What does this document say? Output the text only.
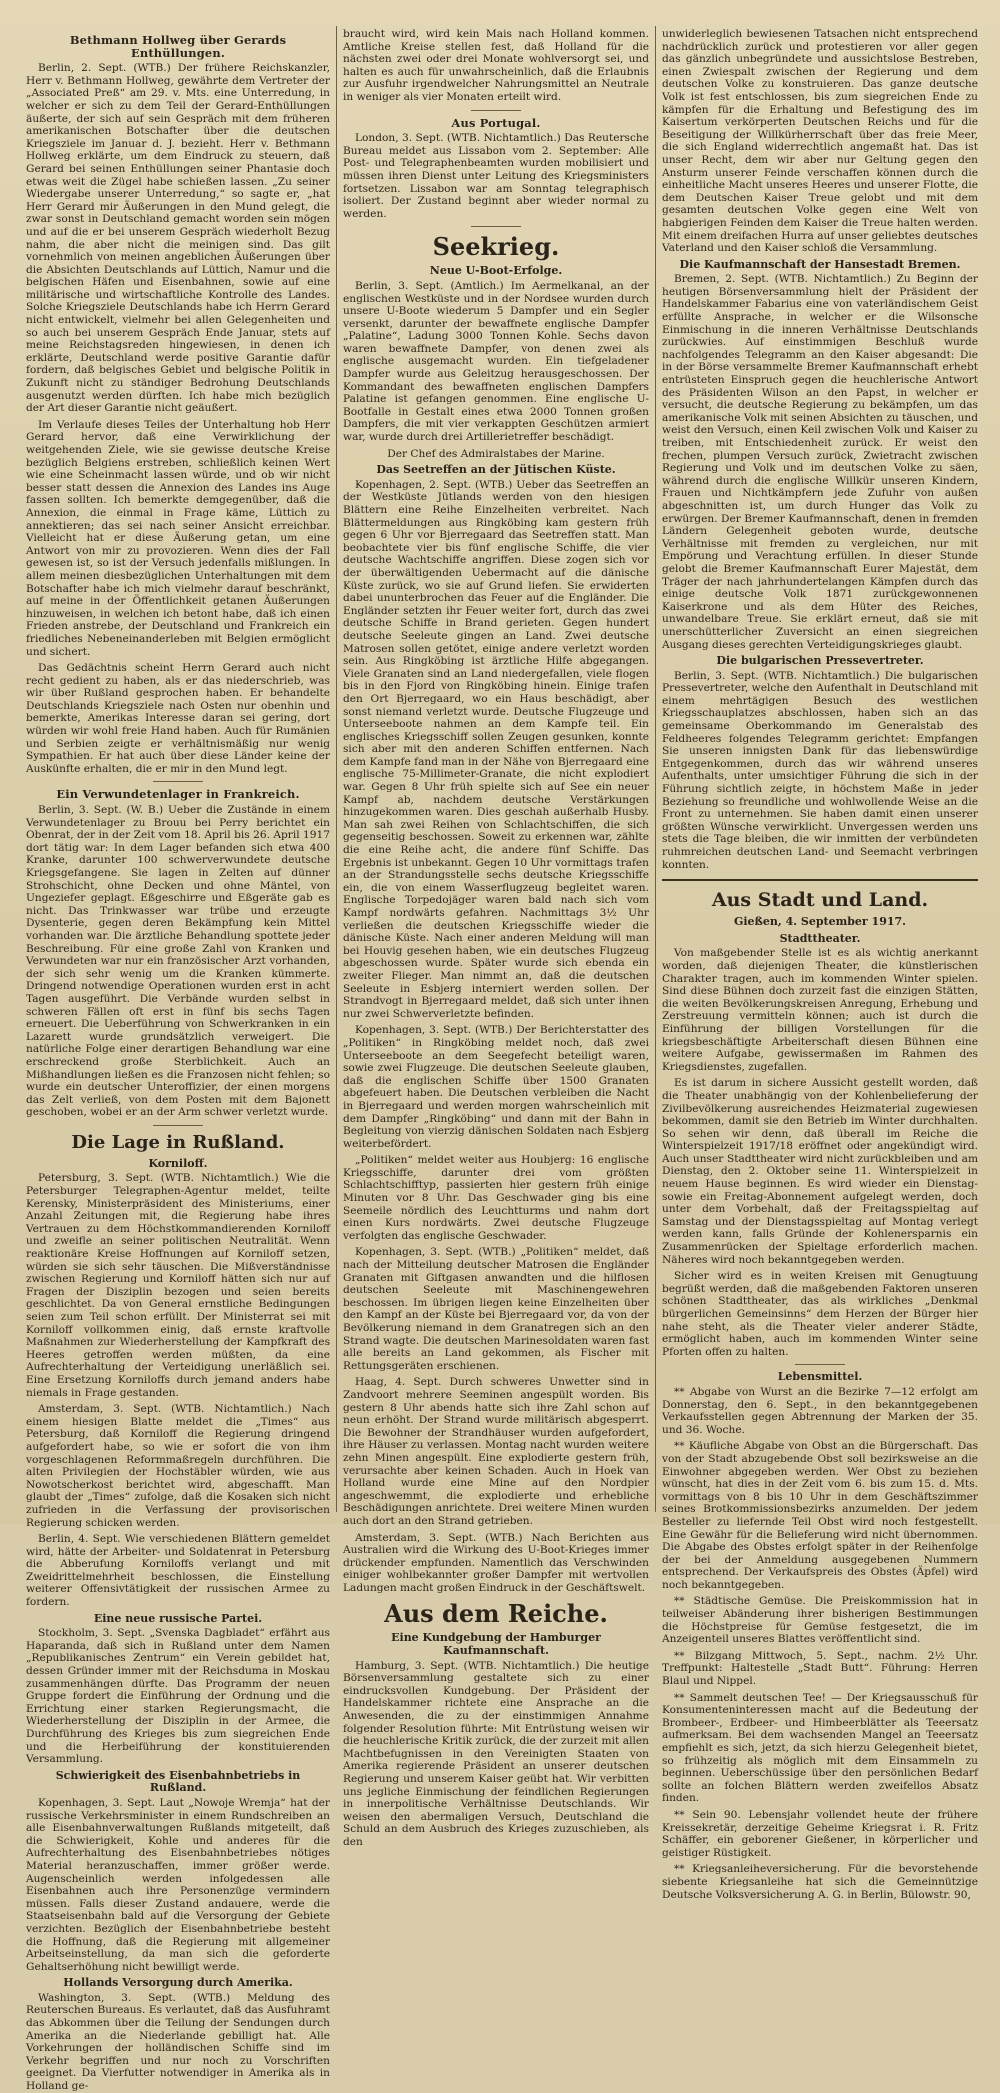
Bethmann Hollweg über Gerards Enthüllungen.

Berlin, 2. Sept. (WTB.) Der frühere Reichskanzler, Herr v. Bethmann Hollweg, gewährte dem Vertreter der „Associated Preß“ am 29. v. Mts. eine Unterredung, in welcher er sich zu dem Teil der Gerard-Enthüllungen äußerte, der sich auf sein Gespräch mit dem früheren amerikanischen Botschafter über die deutschen Kriegsziele im Januar d. J. bezieht. Herr v. Bethmann Hollweg erklärte, um dem Eindruck zu steuern, daß Gerard bei seinen Enthüllungen seiner Phantasie doch etwas weit die Zügel habe schießen lassen. „Zu seiner Wiedergabe unserer Unterredung,“ so sagte er, „hat Herr Gerard mir Äußerungen in den Mund gelegt, die zwar sonst in Deutschland gemacht worden sein mögen und auf die er bei unserem Gespräch wiederholt Bezug nahm, die aber nicht die meinigen sind. Das gilt vornehmlich von meinen angeblichen Äußerungen über die Absichten Deutschlands auf Lüttich, Namur und die belgischen Häfen und Eisenbahnen, sowie auf eine militärische und wirtschaftliche Kontrolle des Landes. Solche Kriegsziele Deutschlands habe ich Herrn Gerard nicht entwickelt, vielmehr bei allen Gelegenheiten und so auch bei unserem Gespräch Ende Januar, stets auf meine Reichstagsreden hingewiesen, in denen ich erklärte, Deutschland werde positive Garantie dafür fordern, daß belgisches Gebiet und belgische Politik in Zukunft nicht zu ständiger Bedrohung Deutschlands ausgenutzt werden dürften. Ich habe mich bezüglich der Art dieser Garantie nicht geäußert.

Im Verlaufe dieses Teiles der Unterhaltung hob Herr Gerard hervor, daß eine Verwirklichung der weitgehenden Ziele, wie sie gewisse deutsche Kreise bezüglich Belgiens erstreben, schließlich keinen Wert wie eine Scheinmacht lassen würde, und ob wir nicht besser statt dessen die Annexion des Landes ins Auge fassen sollten. Ich bemerkte demgegenüber, daß die Annexion, die einmal in Frage käme, Lüttich zu annektieren; das sei nach seiner Ansicht erreichbar. Vielleicht hat er diese Äußerung getan, um eine Antwort von mir zu provozieren. Wenn dies der Fall gewesen ist, so ist der Versuch jedenfalls mißlungen. In allem meinen diesbezüglichen Unterhaltungen mit dem Botschafter habe ich mich vielmehr darauf beschränkt, auf meine in der Öffentlichkeit getanen Äußerungen hinzuweisen, in welchen ich betont habe, daß ich einen Frieden anstrebe, der Deutschland und Frankreich ein friedliches Nebeneinanderleben mit Belgien ermöglicht und sichert.

Das Gedächtnis scheint Herrn Gerard auch nicht recht gedient zu haben, als er das niederschrieb, was wir über Rußland gesprochen haben. Er behandelte Deutschlands Kriegsziele nach Osten nur obenhin und bemerkte, Amerikas Interesse daran sei gering, dort würden wir wohl freie Hand haben. Auch für Rumänien und Serbien zeigte er verhältnismäßig nur wenig Sympathien. Er hat auch über diese Länder keine der Auskünfte erhalten, die er mir in den Mund legt.

Ein Verwundetenlager in Frankreich.

Berlin, 3. Sept. (W. B.) Ueber die Zustände in einem Verwundetenlager zu Brouu bei Perry berichtet ein Obenrat, der in der Zeit vom 18. April bis 26. April 1917 dort tätig war: In dem Lager befanden sich etwa 400 Kranke, darunter 100 schwerverwundete deutsche Kriegsgefangene. Sie lagen in Zelten auf dünner Strohschicht, ohne Decken und ohne Mäntel, von Ungeziefer geplagt. Eßgeschirre und Eßgeräte gab es nicht. Das Trinkwasser war trübe und erzeugte Dysenterie, gegen deren Bekämpfung kein Mittel vorhanden war. Die ärztliche Behandlung spottete jeder Beschreibung. Für eine große Zahl von Kranken und Verwundeten war nur ein französischer Arzt vorhanden, der sich sehr wenig um die Kranken kümmerte. Dringend notwendige Operationen wurden erst in acht Tagen ausgeführt. Die Verbände wurden selbst in schweren Fällen oft erst in fünf bis sechs Tagen erneuert. Die Ueberführung von Schwerkranken in ein Lazarett wurde grundsätzlich verweigert. Die natürliche Folge einer derartigen Behandlung war eine erschreckend große Sterblichkeit. Auch an Mißhandlungen ließen es die Franzosen nicht fehlen; so wurde ein deutscher Unteroffizier, der einen morgens das Zelt verließ, von dem Posten mit dem Bajonett geschoben, wobei er an der Arm schwer verletzt wurde.

Die Lage in Rußland.
Korniloff.

Petersburg, 3. Sept. (WTB. Nichtamtlich.) Wie die Petersburger Telegraphen-Agentur meldet, teilte Kerensky, Ministerpräsident des Ministeriums, einer Anzahl Zeitungen mit, die Regierung habe ihres Vertrauen zu dem Höchstkommandierenden Korniloff und zweifle an seiner politischen Neutralität. Wenn reaktionäre Kreise Hoffnungen auf Korniloff setzen, würden sie sich sehr täuschen. Die Mißverständnisse zwischen Regierung und Korniloff hätten sich nur auf Fragen der Disziplin bezogen und seien bereits geschlichtet. Da von General ernstliche Bedingungen seien zum Teil schon erfüllt. Der Ministerrat sei mit Korniloff vollkommen einig, daß ernste kraftvolle Maßnahmen zur Wiederherstellung der Kampfkraft des Heeres getroffen werden müßten, da eine Aufrechterhaltung der Verteidigung unerläßlich sei. Eine Ersetzung Korniloffs durch jemand anders habe niemals in Frage gestanden.

Amsterdam, 3. Sept. (WTB. Nichtamtlich.) Nach einem hiesigen Blatte meldet die „Times“ aus Petersburg, daß Korniloff die Regierung dringend aufgefordert habe, so wie er sofort die von ihm vorgeschlagenen Reformmaßregeln durchführen. Die alten Privilegien der Hochstäbler würden, wie aus Nowotscherkost berichtet wird, abgeschafft. Man glaubt der „Times“ zufolge, daß die Kosaken sich nicht zufrieden in die Verfassung der provisorischen Regierung schicken werden.

Berlin, 4. Sept. Wie verschiedenen Blättern gemeldet wird, hätte der Arbeiter- und Soldatenrat in Petersburg die Abberufung Korniloffs verlangt und mit Zweidrittelmehrheit beschlossen, die Einstellung weiterer Offensivtätigkeit der russischen Armee zu fordern.

Eine neue russische Partei.

Stockholm, 3. Sept. „Svenska Dagbladet“ erfährt aus Haparanda, daß sich in Rußland unter dem Namen „Republikanisches Zentrum“ ein Verein gebildet hat, dessen Gründer immer mit der Reichsduma in Moskau zusammenhängen dürfte. Das Programm der neuen Gruppe fordert die Einführung der Ordnung und die Errichtung einer starken Regierungsmacht, die Wiederherstellung der Disziplin in der Armee, die Durchführung des Krieges bis zum siegreichen Ende und die Herbeiführung der konstituierenden Versammlung.

Schwierigkeit des Eisenbahnbetriebs in Rußland.

Kopenhagen, 3. Sept. Laut „Nowoje Wremja“ hat der russische Verkehrsminister in einem Rundschreiben an alle Eisenbahnverwaltungen Rußlands mitgeteilt, daß die Schwierigkeit, Kohle und anderes für die Aufrechterhaltung des Eisenbahnbetriebes nötiges Material heranzuschaffen, immer größer werde. Augenscheinlich werden infolgedessen alle Eisenbahnen auch ihre Personenzüge vermindern müssen. Falls dieser Zustand andauere, werde die Staatseisenbahn bald auf die Versorgung der Gebiete verzichten. Bezüglich der Eisenbahnbetriebe besteht die Hoffnung, daß die Regierung mit allgemeiner Arbeitseinstellung, da man sich die geforderte Gehaltserhöhung nicht bewilligt werde.

Hollands Versorgung durch Amerika.

Washington, 3. Sept. (WTB.) Meldung des Reuterschen Bureaus. Es verlautet, daß das Ausfuhramt das Abkommen über die Teilung der Sendungen durch Amerika an die Niederlande gebilligt hat. Alle Vorkehrungen der holländischen Schiffe sind im Verkehr begriffen und nur noch zu Vorschriften geeignet. Da Vierfutter notwendiger in Amerika als in Holland ge-

braucht wird, wird kein Mais nach Holland kommen. Amtliche Kreise stellen fest, daß Holland für die nächsten zwei oder drei Monate wohlversorgt sei, und halten es auch für unwahrscheinlich, daß die Erlaubnis zur Ausfuhr irgendwelcher Nahrungsmittel an Neutrale in weniger als vier Monaten erteilt wird.

Aus Portugal.

London, 3. Sept. (WTB. Nichtamtlich.) Das Reutersche Bureau meldet aus Lissabon vom 2. September: Alle Post- und Telegraphenbeamten wurden mobilisiert und müssen ihren Dienst unter Leitung des Kriegsministers fortsetzen. Lissabon war am Sonntag telegraphisch isoliert. Der Zustand beginnt aber wieder normal zu werden.

Seekrieg.
Neue U-Boot-Erfolge.

Berlin, 3. Sept. (Amtlich.) Im Aermelkanal, an der englischen Westküste und in der Nordsee wurden durch unsere U-Boote wiederum 5 Dampfer und ein Segler versenkt, darunter der bewaffnete englische Dampfer „Palatine“, Ladung 3000 Tonnen Kohle. Sechs davon waren bewaffnete Dampfer, von denen zwei als englische ausgemacht wurden. Ein tiefgeladener Dampfer wurde aus Geleitzug herausgeschossen. Der Kommandant des bewaffneten englischen Dampfers Palatine ist gefangen genommen. Eine englische U-Bootfalle in Gestalt eines etwa 2000 Tonnen großen Dampfers, die mit vier verkappten Geschützen armiert war, wurde durch drei Artillerietreffer beschädigt.

Der Chef des Admiralstabes der Marine.

Das Seetreffen an der Jütischen Küste.

Kopenhagen, 2. Sept. (WTB.) Ueber das Seetreffen an der Westküste Jütlands werden von den hiesigen Blättern eine Reihe Einzelheiten verbreitet. Nach Blättermeldungen aus Ringköbing kam gestern früh gegen 6 Uhr vor Bjerregaard das Seetreffen statt. Man beobachtete vier bis fünf englische Schiffe, die vier deutsche Wachtschiffe angriffen. Diese zogen sich vor der überwältigenden Uebermacht auf die dänische Küste zurück, wo sie auf Grund liefen. Sie erwiderten dabei ununterbrochen das Feuer auf die Engländer. Die Engländer setzten ihr Feuer weiter fort, durch das zwei deutsche Schiffe in Brand gerieten. Gegen hundert deutsche Seeleute gingen an Land. Zwei deutsche Matrosen sollen getötet, einige andere verletzt worden sein. Aus Ringköbing ist ärztliche Hilfe abgegangen. Viele Granaten sind an Land niedergefallen, viele flogen bis in den Fjord von Ringköbing hinein. Einige trafen den Ort Bjerregaard, wo ein Haus beschädigt, aber sonst niemand verletzt wurde. Deutsche Flugzeuge und Unterseeboote nahmen an dem Kampfe teil. Ein englisches Kriegsschiff sollen Zeugen gesunken, konnte sich aber mit den anderen Schiffen entfernen. Nach dem Kampfe fand man in der Nähe von Bjerregaard eine englische 75-Millimeter-Granate, die nicht explodiert war. Gegen 8 Uhr früh spielte sich auf See ein neuer Kampf ab, nachdem deutsche Verstärkungen hinzugekommen waren. Dies geschah außerhalb Husby. Man sah zwei Reihen von Schlachtschiffen, die sich gegenseitig beschossen. Soweit zu erkennen war, zählte die eine Reihe acht, die andere fünf Schiffe. Das Ergebnis ist unbekannt. Gegen 10 Uhr vormittags trafen an der Strandungsstelle sechs deutsche Kriegsschiffe ein, die von einem Wasserflugzeug begleitet waren. Englische Torpedojäger waren bald nach sich vom Kampf nordwärts gefahren. Nachmittags 3½ Uhr verließen die deutschen Kriegsschiffe wieder die dänische Küste. Nach einer anderen Meldung will man bei Houvig gesehen haben, wie ein deutsches Flugzeug abgeschossen wurde. Später wurde sich ebenda ein zweiter Flieger. Man nimmt an, daß die deutschen Seeleute in Esbjerg interniert werden sollen. Der Strandvogt in Bjerregaard meldet, daß sich unter ihnen nur zwei Schwerverletzte befinden.

Kopenhagen, 3. Sept. (WTB.) Der Berichterstatter des „Politiken“ in Ringköbing meldet noch, daß zwei Unterseeboote an dem Seegefecht beteiligt waren, sowie zwei Flugzeuge. Die deutschen Seeleute glauben, daß die englischen Schiffe über 1500 Granaten abgefeuert haben. Die Deutschen verbleiben die Nacht in Bjerregaard und werden morgen wahrscheinlich mit dem Dampfer „Ringköbing“ und dann mit der Bahn in Begleitung von vierzig dänischen Soldaten nach Esbjerg weiterbefördert.

„Politiken“ meldet weiter aus Houbjerg: 16 englische Kriegsschiffe, darunter drei vom größten Schlachtschifftyp, passierten hier gestern früh einige Minuten vor 8 Uhr. Das Geschwader ging bis eine Seemeile nördlich des Leuchtturms und nahm dort einen Kurs nordwärts. Zwei deutsche Flugzeuge verfolgten das englische Geschwader.

Kopenhagen, 3. Sept. (WTB.) „Politiken“ meldet, daß nach der Mitteilung deutscher Matrosen die Engländer Granaten mit Giftgasen anwandten und die hilflosen deutschen Seeleute mit Maschinengewehren beschossen. Im übrigen liegen keine Einzelheiten über den Kampf an der Küste bei Bjerregaard vor, da von der Bevölkerung niemand in dem Granatregen sich an den Strand wagte. Die deutschen Marinesoldaten waren fast alle bereits an Land gekommen, als Fischer mit Rettungsgeräten erschienen.

Haag, 4. Sept. Durch schweres Unwetter sind in Zandvoort mehrere Seeminen angespült worden. Bis gestern 8 Uhr abends hatte sich ihre Zahl schon auf neun erhöht. Der Strand wurde militärisch abgesperrt. Die Bewohner der Strandhäuser wurden aufgefordert, ihre Häuser zu verlassen. Montag nacht wurden weitere zehn Minen angespült. Eine explodierte gestern früh, verursachte aber keinen Schaden. Auch in Hoek van Holland wurde eine Mine auf den Nordpier angeschwemmt, die explodierte und erhebliche Beschädigungen anrichtete. Drei weitere Minen wurden auch dort an den Strand getrieben.

Amsterdam, 3. Sept. (WTB.) Nach Berichten aus Australien wird die Wirkung des U-Boot-Krieges immer drückender empfunden. Namentlich das Verschwinden einiger wohlbekannter großer Dampfer mit wertvollen Ladungen macht großen Eindruck in der Geschäftswelt.

Aus dem Reiche.
Eine Kundgebung der Hamburger Kaufmannschaft.

Hamburg, 3. Sept. (WTB. Nichtamtlich.) Die heutige Börsenversammlung gestaltete sich zu einer eindrucksvollen Kundgebung. Der Präsident der Handelskammer richtete eine Ansprache an die Anwesenden, die zu der einstimmigen Annahme folgender Resolution führte: Mit Entrüstung weisen wir die heuchlerische Kritik zurück, die der zurzeit mit allen Machtbefugnissen in den Vereinigten Staaten von Amerika regierende Präsident an unserer deutschen Regierung und unserem Kaiser geübt hat. Wir verbitten uns jegliche Einmischung der feindlichen Regierungen in innerpolitische Verhältnisse Deutschlands. Wir weisen den abermaligen Versuch, Deutschland die Schuld an dem Ausbruch des Krieges zuzuschieben, als den

unwiderleglich bewiesenen Tatsachen nicht entsprechend nachdrücklich zurück und protestieren vor aller gegen das gänzlich unbegründete und aussichtslose Bestreben, einen Zwiespalt zwischen der Regierung und dem deutschen Volke zu konstruieren. Das ganze deutsche Volk ist fest entschlossen, bis zum siegreichen Ende zu kämpfen für die Erhaltung und Befestigung des im Kaisertum verkörperten Deutschen Reichs und für die Beseitigung der Willkürherrschaft über das freie Meer, die sich England widerrechtlich angemaßt hat. Das ist unser Recht, dem wir aber nur Geltung gegen den Ansturm unserer Feinde verschaffen können durch die einheitliche Macht unseres Heeres und unserer Flotte, die dem Deutschen Kaiser Treue gelobt und mit dem gesamten deutschen Volke gegen eine Welt von habgierigen Feinden dem Kaiser die Treue halten werden. Mit einem dreifachen Hurra auf unser geliebtes deutsches Vaterland und den Kaiser schloß die Versammlung.

Die Kaufmannschaft der Hansestadt Bremen.

Bremen, 2. Sept. (WTB. Nichtamtlich.) Zu Beginn der heutigen Börsenversammlung hielt der Präsident der Handelskammer Fabarius eine von vaterländischem Geist erfüllte Ansprache, in welcher er die Wilsonsche Einmischung in die inneren Verhältnisse Deutschlands zurückwies. Auf einstimmigen Beschluß wurde nachfolgendes Telegramm an den Kaiser abgesandt: Die in der Börse versammelte Bremer Kaufmannschaft erhebt entrüsteten Einspruch gegen die heuchlerische Antwort des Präsidenten Wilson an den Papst, in welcher er versucht, die deutsche Regierung zu bekämpfen, um das amerikanische Volk mit seinen Absichten zu täuschen, und weist den Versuch, einen Keil zwischen Volk und Kaiser zu treiben, mit Entschiedenheit zurück. Er weist den frechen, plumpen Versuch zurück, Zwietracht zwischen Regierung und Volk und im deutschen Volke zu säen, während durch die englische Willkür unseren Kindern, Frauen und Nichtkämpfern jede Zufuhr von außen abgeschnitten ist, um durch Hunger das Volk zu erwürgen. Der Bremer Kaufmannschaft, denen in fremden Ländern Gelegenheit geboten wurde, deutsche Verhältnisse mit fremden zu vergleichen, nur mit Empörung und Verachtung erfüllen. In dieser Stunde gelobt die Bremer Kaufmannschaft Eurer Majestät, dem Träger der nach jahrhundertelangen Kämpfen durch das einige deutsche Volk 1871 zurückgewonnenen Kaiserkrone und als dem Hüter des Reiches, unwandelbare Treue. Sie erklärt erneut, daß sie mit unerschütterlicher Zuversicht an einen siegreichen Ausgang dieses gerechten Verteidigungskrieges glaubt.

Die bulgarischen Pressevertreter.

Berlin, 3. Sept. (WTB. Nichtamtlich.) Die bulgarischen Pressevertreter, welche den Aufenthalt in Deutschland mit einem mehrtägigen Besuch des westlichen Kriegsschauplatzes abschlossen, haben sich an das gemeinsame Oberkommando im Generalstab des Feldheeres folgendes Telegramm gerichtet: Empfangen Sie unseren innigsten Dank für das liebenswürdige Entgegenkommen, durch das wir während unseres Aufenthalts, unter umsichtiger Führung die sich in der Führung sichtlich zeigte, in höchstem Maße in jeder Beziehung so freundliche und wohlwollende Weise an die Front zu unternehmen. Sie haben damit einen unserer größten Wünsche verwirklicht. Unvergessen werden uns stets die Tage bleiben, die wir inmitten der verbündeten ruhmreichen deutschen Land- und Seemacht verbringen konnten.

Aus Stadt und Land.
Gießen, 4. September 1917.
Stadttheater.

Von maßgebender Stelle ist es als wichtig anerkannt worden, daß diejenigen Theater, die künstlerischen Charakter tragen, auch im kommenden Winter spielen. Sind diese Bühnen doch zurzeit fast die einzigen Stätten, die weiten Bevölkerungskreisen Anregung, Erhebung und Zerstreuung vermitteln können; auch ist durch die Einführung der billigen Vorstellungen für die kriegsbeschäftigte Arbeiterschaft diesen Bühnen eine weitere Aufgabe, gewissermaßen im Rahmen des Kriegsdienstes, zugefallen.

Es ist darum in sichere Aussicht gestellt worden, daß die Theater unabhängig von der Kohlenbelieferung der Zivilbevölkerung ausreichendes Heizmaterial zugewiesen bekommen, damit sie den Betrieb im Winter durchhalten. So sehen wir denn, daß überall im Reiche die Winterspielzeit 1917/18 eröffnet oder angekündigt wird. Auch unser Stadttheater wird nicht zurückbleiben und am Dienstag, den 2. Oktober seine 11. Winterspielzeit in neuem Hause beginnen. Es wird wieder ein Dienstag- sowie ein Freitag-Abonnement aufgelegt werden, doch unter dem Vorbehalt, daß der Freitagsspieltag auf Samstag und der Dienstagsspieltag auf Montag verlegt werden kann, falls Gründe der Kohlenersparnis ein Zusammenrücken der Spieltage erforderlich machen. Näheres wird noch bekanntgegeben werden.

Sicher wird es in weiten Kreisen mit Genugtuung begrüßt werden, daß die maßgebenden Faktoren unseren schönen Stadttheater, das als wirkliches „Denkmal bürgerlichen Gemeinsinns“ dem Herzen der Bürger hier nahe steht, als die Theater vieler anderer Städte, ermöglicht haben, auch im kommenden Winter seine Pforten offen zu halten.

Lebensmittel.

** Abgabe von Wurst an die Bezirke 7—12 erfolgt am Donnerstag, den 6. Sept., in den bekanntgegebenen Verkaufsstellen gegen Abtrennung der Marken der 35. und 36. Woche.

** Käufliche Abgabe von Obst an die Bürgerschaft. Das von der Stadt abzugebende Obst soll bezirksweise an die Einwohner abgegeben werden. Wer Obst zu beziehen wünscht, hat dies in der Zeit vom 6. bis zum 15. d. Mts. vormittags von 8 bis 10 Uhr in dem Geschäftszimmer seines Brotkommissionsbezirks anzumelden. Der jedem Besteller zu liefernde Teil Obst wird noch festgestellt. Eine Gewähr für die Belieferung wird nicht übernommen. Die Abgabe des Obstes erfolgt später in der Reihenfolge der bei der Anmeldung ausgegebenen Nummern entsprechend. Der Verkaufspreis des Obstes (Äpfel) wird noch bekanntgegeben.

** Städtische Gemüse. Die Preiskommission hat in teilweiser Abänderung ihrer bisherigen Bestimmungen die Höchstpreise für Gemüse festgesetzt, die im Anzeigenteil unseres Blattes veröffentlicht sind.

** Bilzgang Mittwoch, 5. Sept., nachm. 2½ Uhr. Treffpunkt: Haltestelle „Stadt Butt“. Führung: Herren Blaul und Nippel.

** Sammelt deutschen Tee! — Der Kriegsausschuß für Konsumenteninteressen macht auf die Bedeutung der Brombeer-, Erdbeer- und Himbeerblätter als Teeersatz aufmerksam. Bei dem wachsenden Mangel an Teeersatz empfiehlt es sich, jetzt, da sich hierzu Gelegenheit bietet, so frühzeitig als möglich mit dem Einsammeln zu beginnen. Ueberschüssige über den persönlichen Bedarf sollte an folchen Blättern werden zweifellos Absatz finden.

** Sein 90. Lebensjahr vollendet heute der frühere Kreissekretär, derzeitige Geheime Kriegsrat i. R. Fritz Schäffer, ein geborener Gießener, in körperlicher und geistiger Rüstigkeit.

** Kriegsanleiheversicherung. Für die bevorstehende siebente Kriegsanleihe hat sich die Gemeinnützige Deutsche Volksversicherung A. G. in Berlin, Bülowstr. 90,
